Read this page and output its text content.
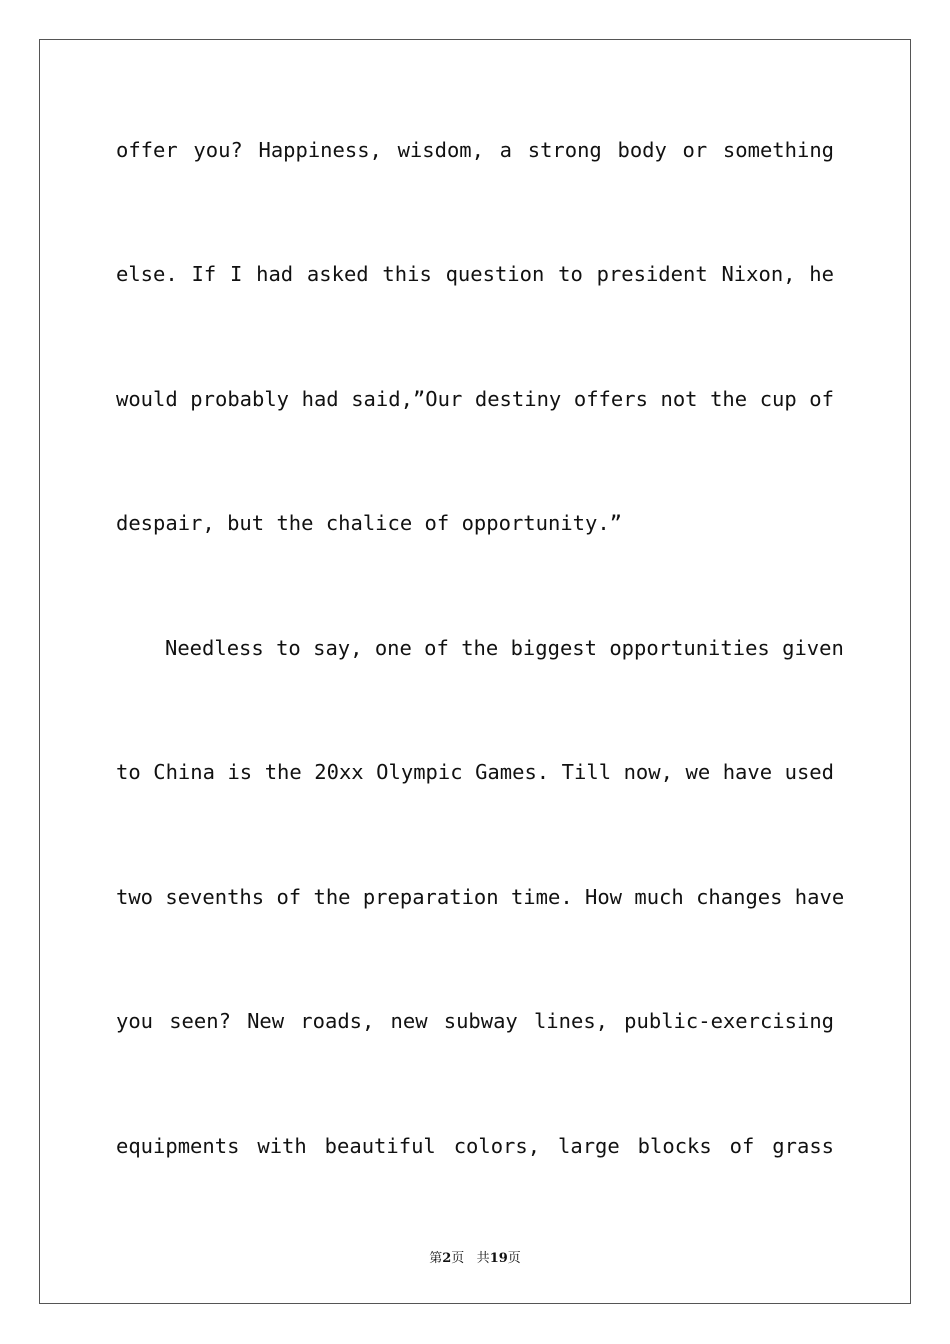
offer you? Happiness, wisdom, a strong body or something
else. If I had asked this question to president Nixon, he
would probably had said,”Our destiny offers not the cup of
despair, but the chalice of opportunity.”
Needless to say, one of the biggest opportunities given
to China is the 20xx Olympic Games. Till now, we have used
two sevenths of the preparation time. How much changes have
you seen? New roads, new subway lines, public-exercising
equipments with beautiful colors, large blocks of grass
第2页 共19页
